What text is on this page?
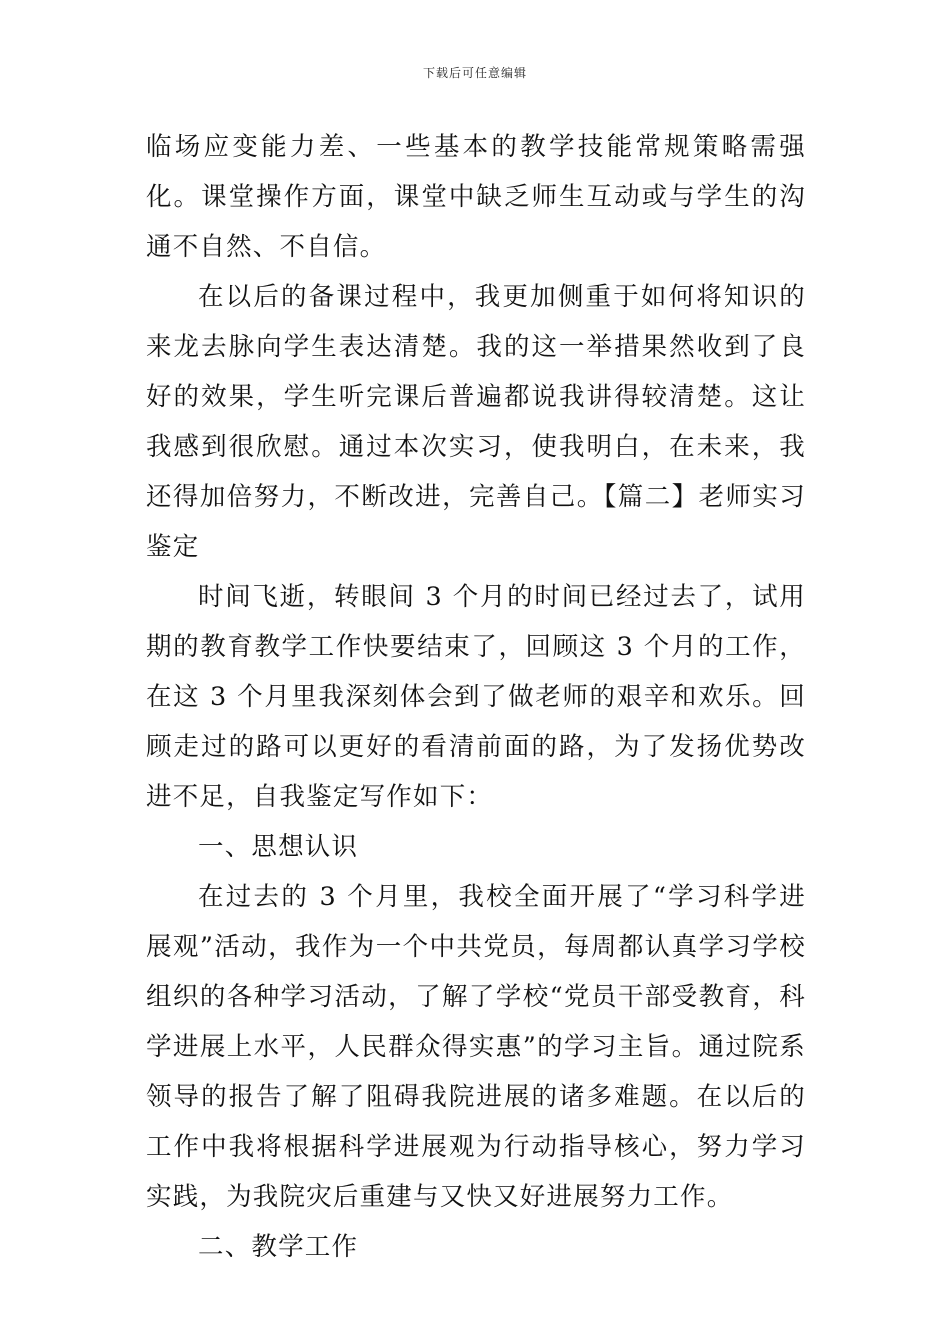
下载后可任意编辑

临场应变能力差、一些基本的教学技能常规策略需强化。课堂操作方面，课堂中缺乏师生互动或与学生的沟通不自然、不自信。

在以后的备课过程中，我更加侧重于如何将知识的来龙去脉向学生表达清楚。我的这一举措果然收到了良好的效果，学生听完课后普遍都说我讲得较清楚。这让我感到很欣慰。通过本次实习，使我明白，在未来，我还得加倍努力，不断改进，完善自己。【篇二】老师实习鉴定

时间飞逝，转眼间 3 个月的时间已经过去了，试用期的教育教学工作快要结束了，回顾这 3 个月的工作，在这 3 个月里我深刻体会到了做老师的艰辛和欢乐。回顾走过的路可以更好的看清前面的路，为了发扬优势改进不足，自我鉴定写作如下：

一、思想认识

在过去的 3 个月里，我校全面开展了“学习科学进展观”活动，我作为一个中共党员，每周都认真学习学校组织的各种学习活动，了解了学校“党员干部受教育，科学进展上水平，人民群众得实惠”的学习主旨。通过院系领导的报告了解了阻碍我院进展的诸多难题。在以后的工作中我将根据科学进展观为行动指导核心，努力学习实践，为我院灾后重建与又快又好进展努力工作。

二、教学工作
